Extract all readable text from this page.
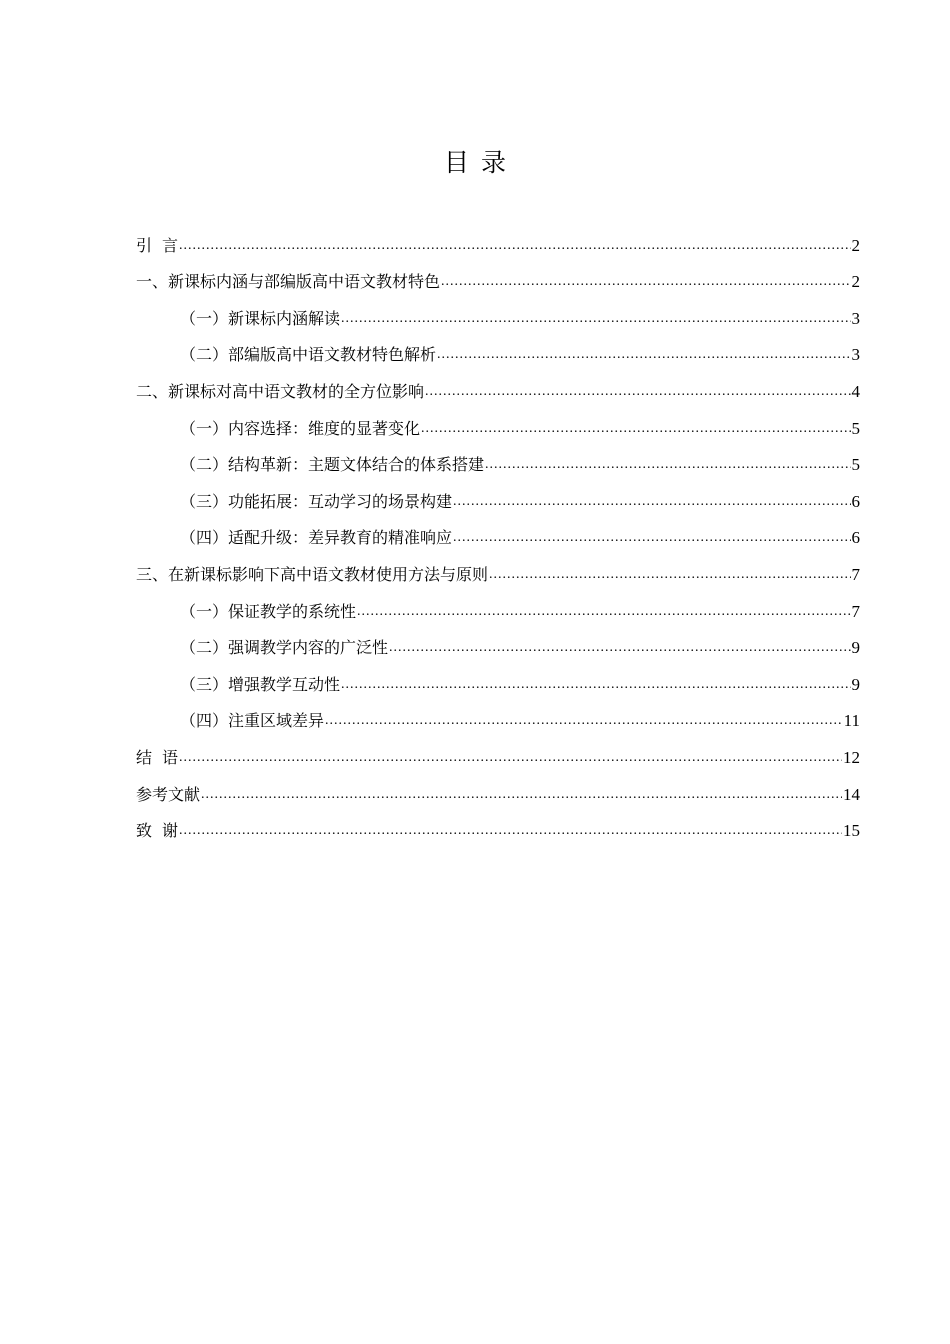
目录
引言 .....	2
一、新课标内涵与部编版高中语文教材特色 .....	2
（一）新课标内涵解读 .....	3
（二）部编版高中语文教材特色解析 .....	3
二、新课标对高中语文教材的全方位影响 .....	4
（一）内容选择：维度的显著变化 .....	5
（二）结构革新：主题文体结合的体系搭建 .....	5
（三）功能拓展：互动学习的场景构建 .....	6
（四）适配升级：差异教育的精准响应 .....	6
三、在新课标影响下高中语文教材使用方法与原则 .....	7
（一）保证教学的系统性 .....	7
（二）强调教学内容的广泛性 .....	9
（三）增强教学互动性 .....	9
（四）注重区域差异 .....	11
结语 .....	12
参考文献 .....	14
致谢 .....	15
